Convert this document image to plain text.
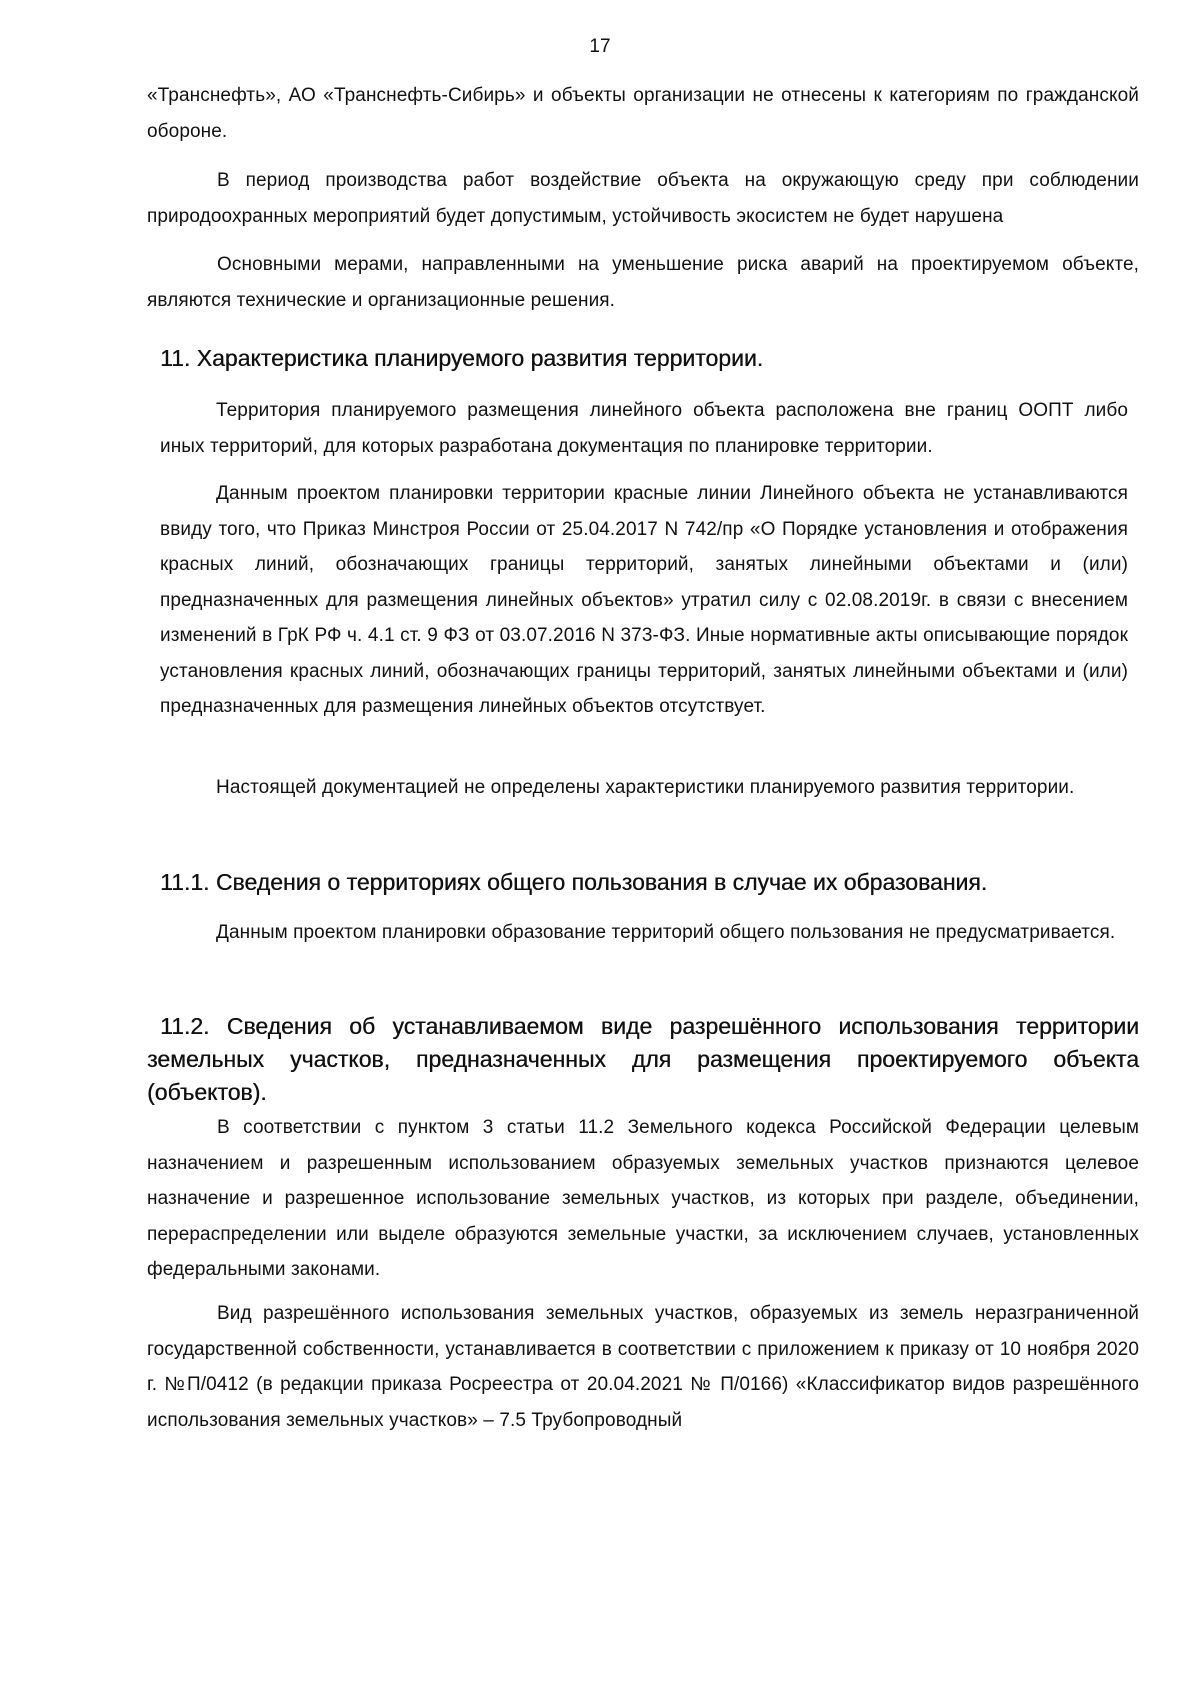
17

«Транснефть», АО «Транснефть-Сибирь» и объекты организации не отнесены к категориям по гражданской обороне.

В период производства работ воздействие объекта на окружающую среду при соблюдении природоохранных мероприятий будет допустимым, устойчивость экосистем не будет нарушена

Основными мерами, направленными на уменьшение риска аварий на проектируемом объекте, являются технические и организационные решения.

11. Характеристика планируемого развития территории.

Территория планируемого размещения линейного объекта расположена вне границ ООПТ либо иных территорий, для которых разработана документация по планировке территории.

Данным проектом планировки территории красные линии Линейного объекта не устанавливаются ввиду того, что Приказ Минстроя России от 25.04.2017 N 742/пр «О Порядке установления и отображения красных линий, обозначающих границы территорий, занятых линейными объектами и (или) предназначенных для размещения линейных объектов» утратил силу с 02.08.2019г. в связи с внесением изменений в ГрК РФ ч. 4.1 ст. 9 ФЗ от 03.07.2016 N 373-ФЗ. Иные нормативные акты описывающие порядок установления красных линий, обозначающих границы территорий, занятых линейными объектами и (или) предназначенных для размещения линейных объектов отсутствует.

Настоящей документацией не определены характеристики планируемого развития территории.

11.1. Сведения о территориях общего пользования в случае их образования.

Данным проектом планировки образование территорий общего пользования не предусматривается.

11.2. Сведения об устанавливаемом виде разрешённого использования территории земельных участков, предназначенных для размещения проектируемого объекта (объектов).

В соответствии с пунктом 3 статьи 11.2 Земельного кодекса Российской Федерации целевым назначением и разрешенным использованием образуемых земельных участков признаются целевое назначение и разрешенное использование земельных участков, из которых при разделе, объединении, перераспределении или выделе образуются земельные участки, за исключением случаев, установленных федеральными законами.

Вид разрешённого использования земельных участков, образуемых из земель неразграниченной государственной собственности, устанавливается в соответствии с приложением к приказу от 10 ноября 2020 г. №П/0412 (в редакции приказа Росреестра от 20.04.2021 № П/0166) «Классификатор видов разрешённого использования земельных участков» – 7.5 Трубопроводный
